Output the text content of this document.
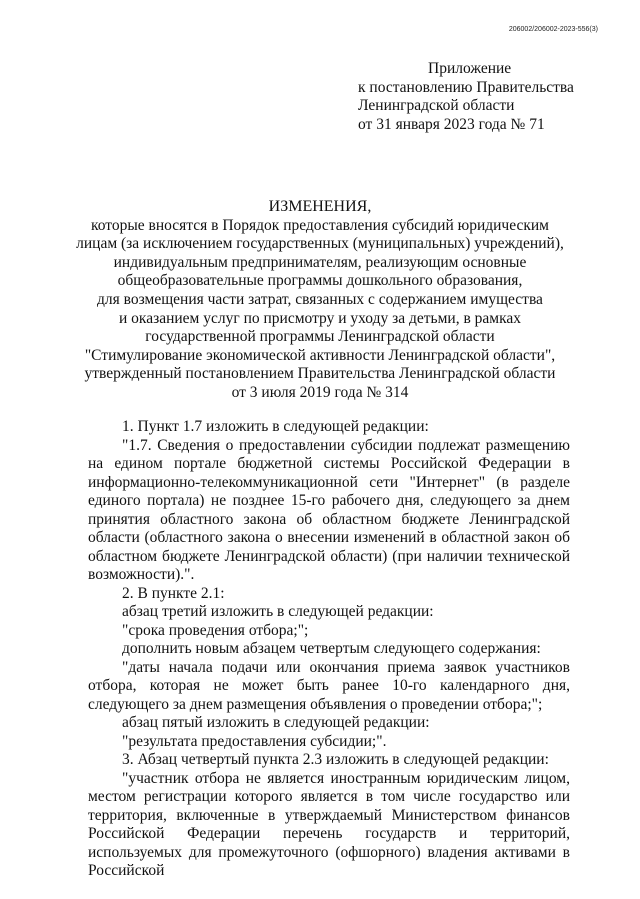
206002/206002-2023-556(3)
Приложение
к постановлению Правительства
Ленинградской области
от 31 января 2023 года № 71
ИЗМЕНЕНИЯ,
которые вносятся в Порядок предоставления субсидий юридическим
лицам (за исключением государственных (муниципальных) учреждений),
индивидуальным предпринимателям, реализующим основные
общеобразовательные программы дошкольного образования,
для возмещения части затрат, связанных с содержанием имущества
и оказанием услуг по присмотру и уходу за детьми, в рамках
государственной программы Ленинградской области
"Стимулирование экономической активности Ленинградской области",
утвержденный постановлением Правительства Ленинградской области
от 3 июля 2019 года № 314

1. Пункт 1.7 изложить в следующей редакции:

"1.7. Сведения о предоставлении субсидии подлежат размещению на едином портале бюджетной системы Российской Федерации в информационно-телекоммуникационной сети "Интернет" (в разделе единого портала) не позднее 15-го рабочего дня, следующего за днем принятия областного закона об областном бюджете Ленинградской области (областного закона о внесении изменений в областной закон об областном бюджете Ленинградской области) (при наличии технической возможности).".

2. В пункте 2.1:

абзац третий изложить в следующей редакции:

"срока проведения отбора;";

дополнить новым абзацем четвертым следующего содержания:

"даты начала подачи или окончания приема заявок участников отбора, которая не может быть ранее 10-го календарного дня, следующего за днем размещения объявления о проведении отбора;";

абзац пятый изложить в следующей редакции:

"результата предоставления субсидии;".

3. Абзац четвертый пункта 2.3 изложить в следующей редакции:

"участник отбора не является иностранным юридическим лицом, местом регистрации которого является в том числе государство или территория, включенные в утверждаемый Министерством финансов Российской Федерации перечень государств и территорий, используемых для промежуточного (офшорного) владения активами в Российской
